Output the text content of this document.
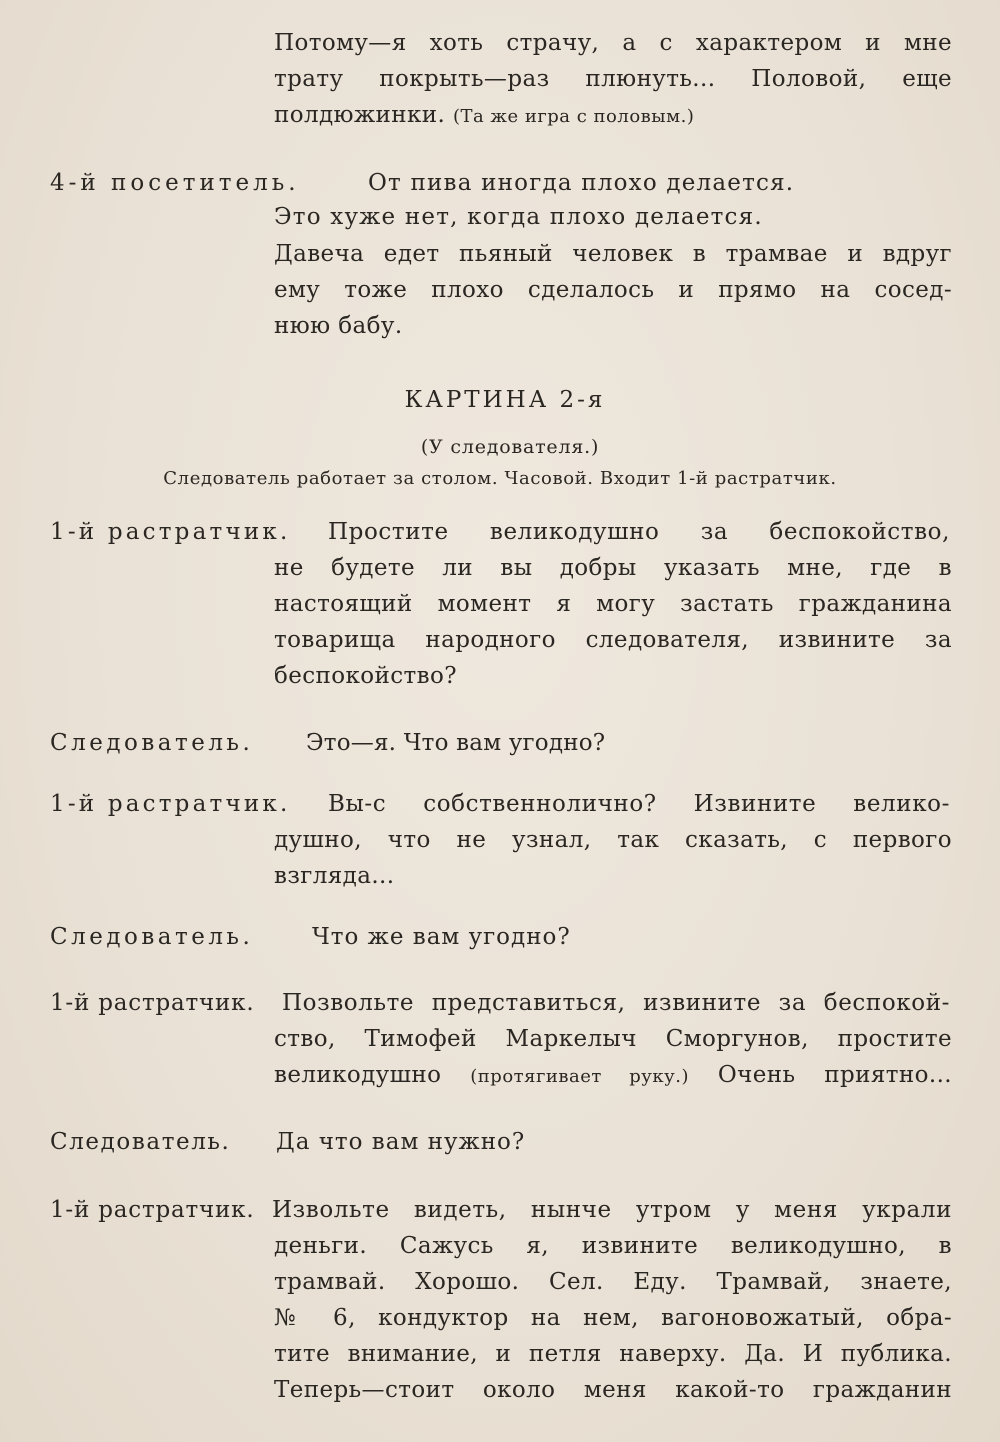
Потому—я хоть страчу, а с характером и мне
трату покрыть—раз плюнуть... Половой, еще
полдюжинки. (Та же игра с половым.)
4-й посетитель.	От пива иногда плохо делается.
Это хуже нет, когда плохо делается.
Давеча едет пьяный человек в трамвае и вдруг
ему тоже плохо сделалось и прямо на сосед-
нюю бабу.
КАРТИНА 2-я
(У следователя.)
Следователь работает за столом. Часовой. Входит 1-й растратчик.
1-й растратчик. Простите великодушно за беспокойство,
не будете ли вы добры указать мне, где в
настоящий момент я могу застать гражданина
товарища народного следователя, извините за
беспокойство?
Следователь. Это—я. Что вам угодно?
1-й растратчик. Вы-с собственнолично? Извините велико-
душно, что не узнал, так сказать, с первого
взгляда...
Следователь.	Что же вам угодно?
1-й растратчик. Позвольте представиться, извините за беспокой-
ство, Тимофей Маркелыч Сморгунов, простите
великодушно (протягивает руку.) Очень приятно...
Следователь. Да что вам нужно?
1-й растратчик. Извольте видеть, нынче утром у меня украли
деньги. Сажусь я, извините великодушно, в
трамвай. Хорошо. Сел. Еду. Трамвай, знаете,
№ 6, кондуктор на нем, вагоновожатый, обра-
тите внимание, и петля наверху. Да. И публика.
Теперь—стоит около меня какой-то гражданин
